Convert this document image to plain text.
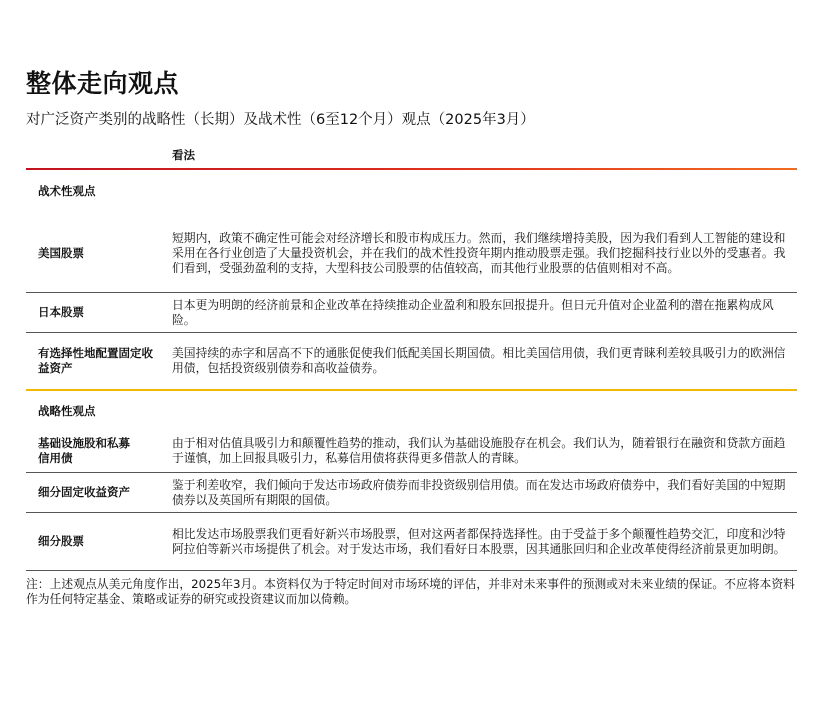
整体走向观点
对广泛资产类别的战略性（长期）及战术性（6至12个月）观点（2025年3月）
看法
战术性观点
美国股票
短期内，政策不确定性可能会对经济增长和股市构成压力。然而，我们继续增持美股，因为我们看到人工智能的建设和采用在各行业创造了大量投资机会，并在我们的战术性投资年期内推动股票走强。我们挖掘科技行业以外的受惠者。我们看到，受强劲盈利的支持，大型科技公司股票的估值较高，而其他行业股票的估值则相对不高。
日本股票
日本更为明朗的经济前景和企业改革在持续推动企业盈利和股东回报提升。但日元升值对企业盈利的潜在拖累构成风险。
有选择性地配置固定收益资产
美国持续的赤字和居高不下的通胀促使我们低配美国长期国债。相比美国信用债，我们更青睐利差较具吸引力的欧洲信用债，包括投资级别债券和高收益债券。
战略性观点
基础设施股和私募信用债
由于相对估值具吸引力和颠覆性趋势的推动，我们认为基础设施股存在机会。我们认为，随着银行在融资和贷款方面趋于谨慎，加上回报具吸引力，私募信用债将获得更多借款人的青睐。
细分固定收益资产
鉴于利差收窄，我们倾向于发达市场政府债券而非投资级别信用债。而在发达市场政府债券中，我们看好美国的中短期债券以及英国所有期限的国债。
细分股票
相比发达市场股票我们更看好新兴市场股票，但对这两者都保持选择性。由于受益于多个颠覆性趋势交汇，印度和沙特阿拉伯等新兴市场提供了机会。对于发达市场，我们看好日本股票，因其通胀回归和企业改革使得经济前景更加明朗。
注：上述观点从美元角度作出，2025年3月。本资料仅为于特定时间对市场环境的评估，并非对未来事件的预测或对未来业绩的保证。不应将本资料作为任何特定基金、策略或证券的研究或投资建议而加以倚赖。
